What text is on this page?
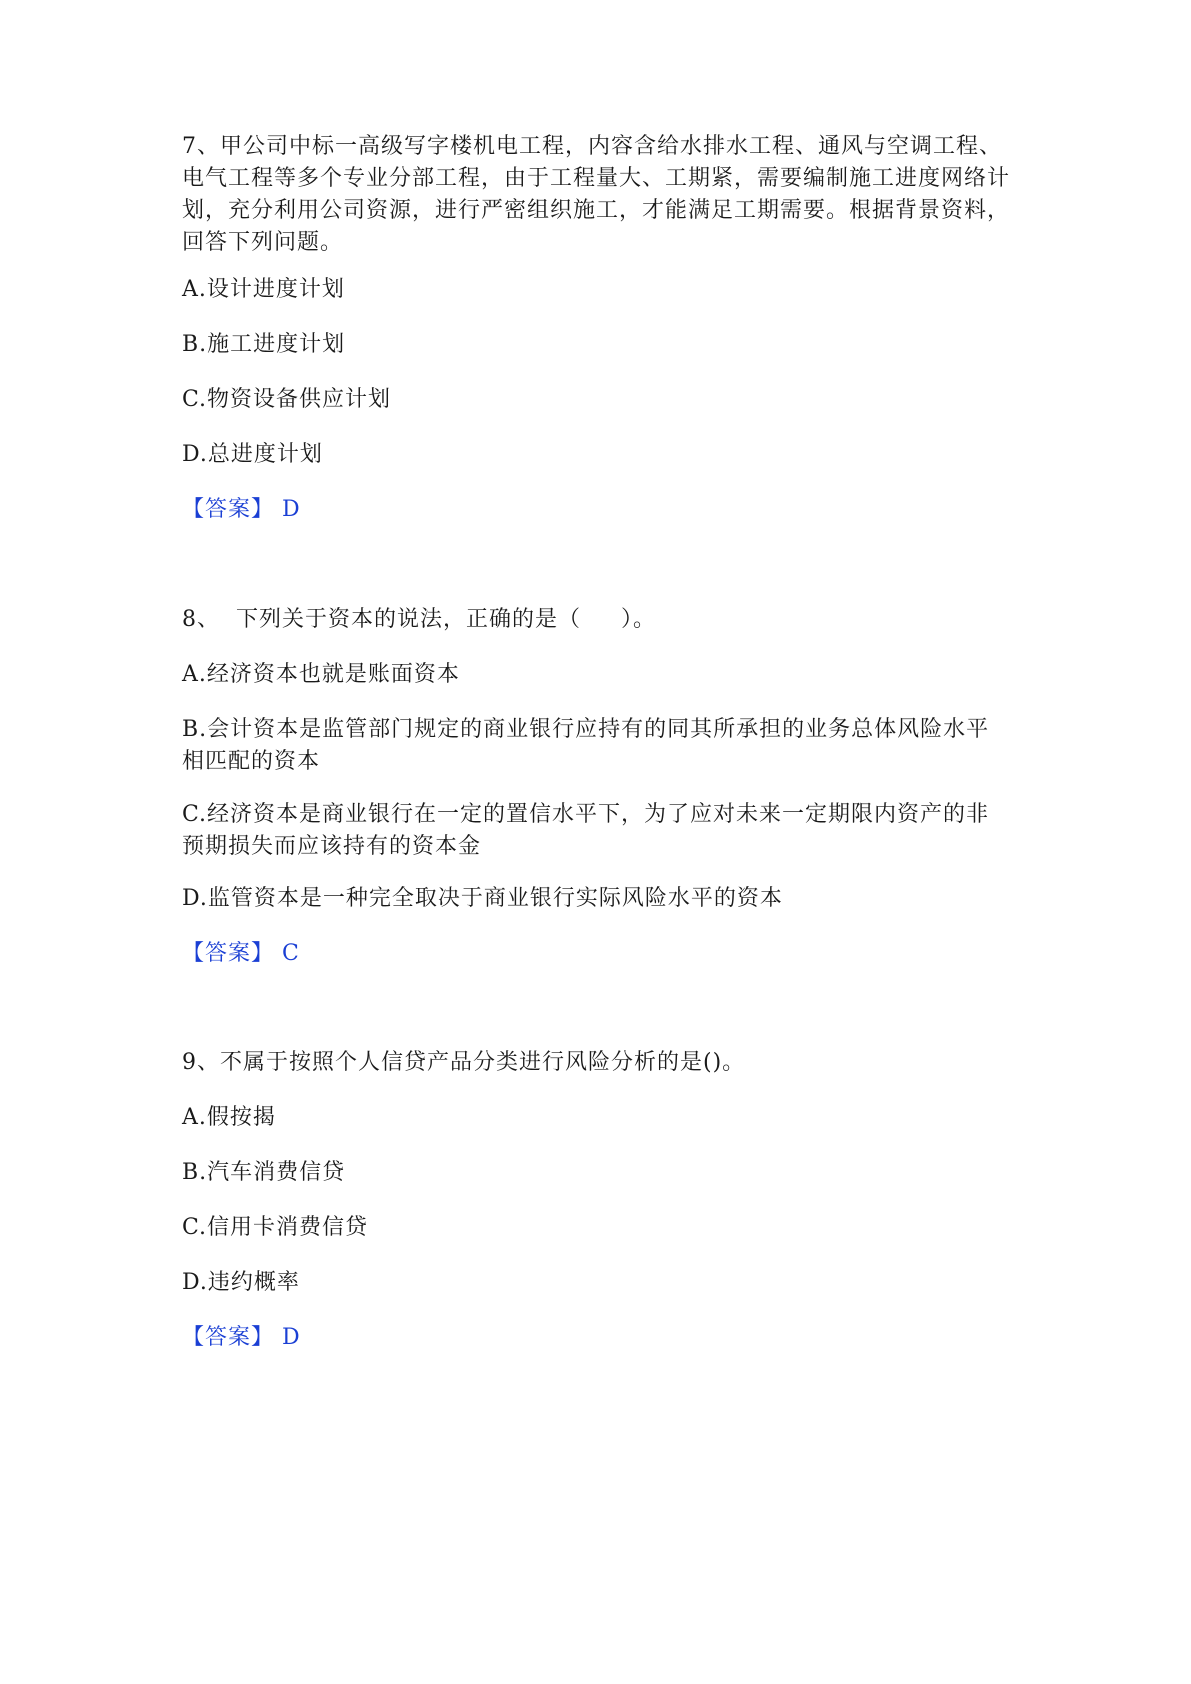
7、甲公司中标一高级写字楼机电工程，内容含给水排水工程、通风与空调工程、电气工程等多个专业分部工程，由于工程量大、工期紧，需要编制施工进度网络计划，充分利用公司资源，进行严密组织施工，才能满足工期需要。根据背景资料，回答下列问题。

A.设计进度计划

B.施工进度计划

C.物资设备供应计划

D.总进度计划

【答案】 D

8、  下列关于资本的说法，正确的是（     ）。

A.经济资本也就是账面资本

B.会计资本是监管部门规定的商业银行应持有的同其所承担的业务总体风险水平相匹配的资本

C.经济资本是商业银行在一定的置信水平下，为了应对未来一定期限内资产的非预期损失而应该持有的资本金

D.监管资本是一种完全取决于商业银行实际风险水平的资本

【答案】 C

9、不属于按照个人信贷产品分类进行风险分析的是()。

A.假按揭

B.汽车消费信贷

C.信用卡消费信贷

D.违约概率

【答案】 D
